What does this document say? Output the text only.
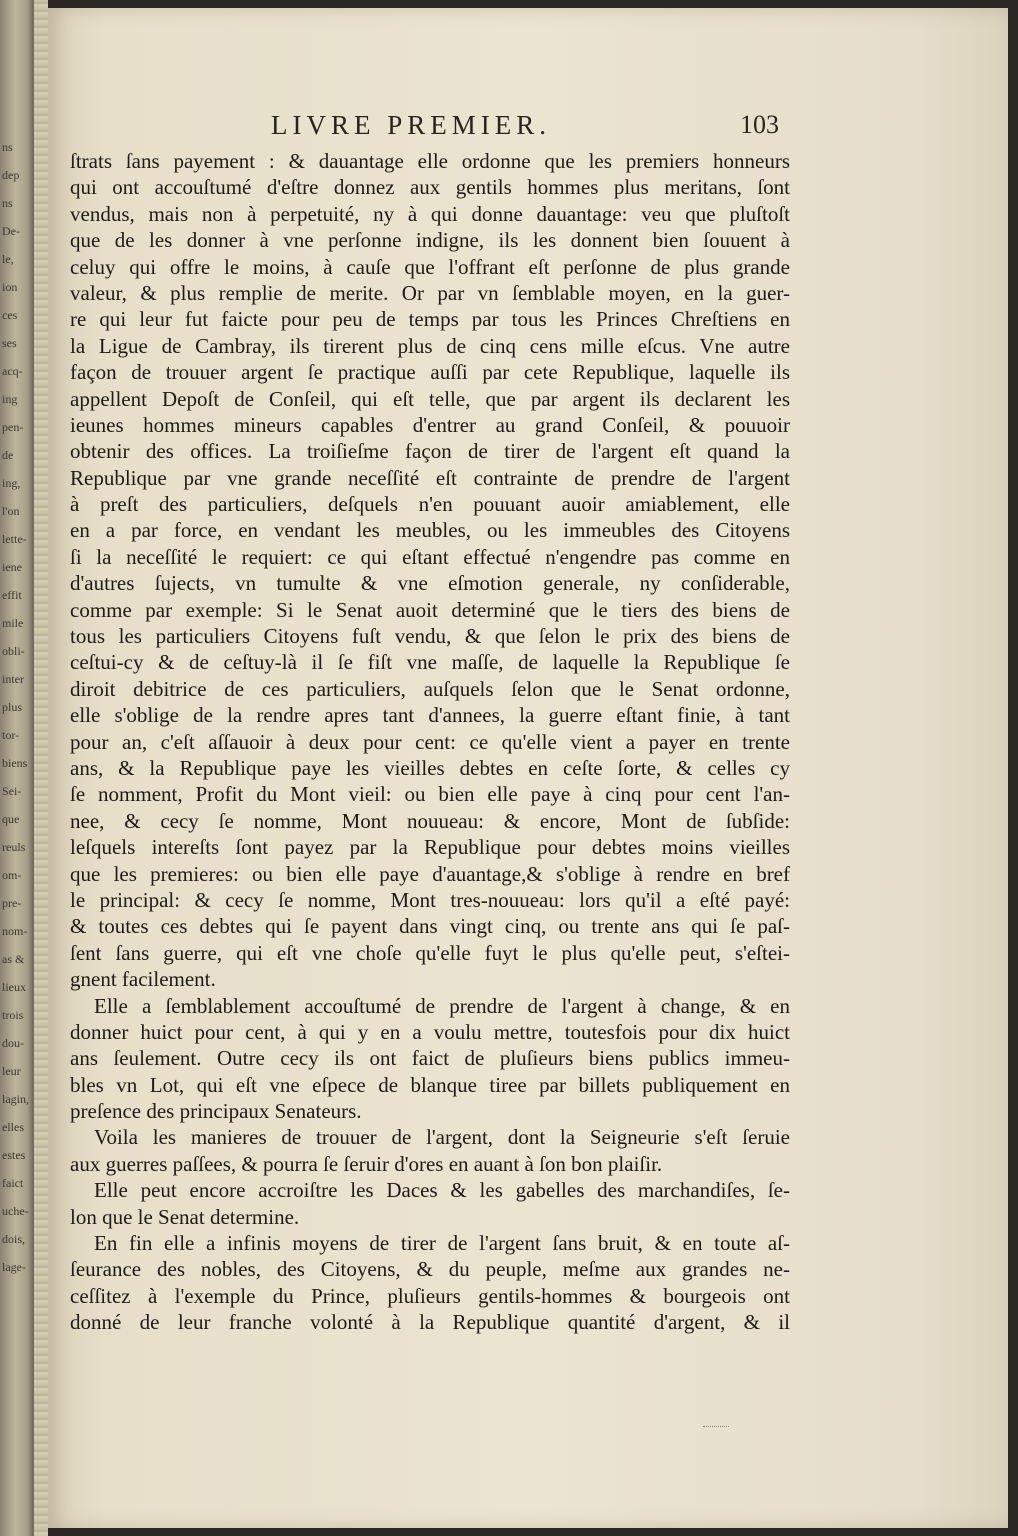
ns
dep
ns
De-
le,
ion
ces
ses
acq-
ing
pen-
de
ing,
l'on
lette-
iene
effit
mile
obli-
inter
plus
tor-
biens
Sei-
que
reuls
om-
pre-
nom-
as &
lieux
trois
dou-
leur
lagin,
elles
estes
faict
uche-
dois,
lage-
LIVRE PREMIER.	103
ſtrats ſans payement : & dauantage elle ordonne que les premiers honneurs
qui ont accouſtumé d'eſtre donnez aux gentils hommes plus meritans, ſont
vendus, mais non à perpetuité, ny à qui donne dauantage: veu que pluſtoſt
que de les donner à vne perſonne indigne, ils les donnent bien ſouuent à
celuy qui offre le moins, à cauſe que l'offrant eſt perſonne de plus grande
valeur, & plus remplie de merite. Or par vn ſemblable moyen, en la guer-
re qui leur fut faicte pour peu de temps par tous les Princes Chreſtiens en
la Ligue de Cambray, ils tirerent plus de cinq cens mille eſcus. Vne autre
façon de trouuer argent ſe practique auſſi par cete Republique, laquelle ils
appellent Depoſt de Conſeil, qui eſt telle, que par argent ils declarent les
ieunes hommes mineurs capables d'entrer au grand Conſeil, & pouuoir
obtenir des offices. La troiſieſme façon de tirer de l'argent eſt quand la
Republique par vne grande neceſſité eſt contrainte de prendre de l'argent
à preſt des particuliers, deſquels n'en pouuant auoir amiablement, elle
en a par force, en vendant les meubles, ou les immeubles des Citoyens
ſi la neceſſité le requiert: ce qui eſtant effectué n'engendre pas comme en
d'autres ſujects, vn tumulte & vne eſmotion generale, ny conſiderable,
comme par exemple: Si le Senat auoit determiné que le tiers des biens de
tous les particuliers Citoyens fuſt vendu, & que ſelon le prix des biens de
ceſtui-cy & de ceſtuy-là il ſe fiſt vne maſſe, de laquelle la Republique ſe
diroit debitrice de ces particuliers, auſquels ſelon que le Senat ordonne,
elle s'oblige de la rendre apres tant d'annees, la guerre eſtant finie, à tant
pour an, c'eſt aſſauoir à deux pour cent: ce qu'elle vient a payer en trente
ans, & la Republique paye les vieilles debtes en ceſte ſorte, & celles cy
ſe nomment, Profit du Mont vieil: ou bien elle paye à cinq pour cent l'an-
nee, & cecy ſe nomme, Mont nouueau: & encore, Mont de ſubſide:
leſquels intereſts ſont payez par la Republique pour debtes moins vieilles
que les premieres: ou bien elle paye d'auantage,& s'oblige à rendre en bref
le principal: & cecy ſe nomme, Mont tres-nouueau: lors qu'il a eſté payé:
& toutes ces debtes qui ſe payent dans vingt cinq, ou trente ans qui ſe paſ-
ſent ſans guerre, qui eſt vne choſe qu'elle fuyt le plus qu'elle peut, s'eſtei-
gnent facilement.
Elle a ſemblablement accouſtumé de prendre de l'argent à change, & en
donner huict pour cent, à qui y en a voulu mettre, toutesfois pour dix huict
ans ſeulement. Outre cecy ils ont faict de pluſieurs biens publics immeu-
bles vn Lot, qui eſt vne eſpece de blanque tiree par billets publiquement en
preſence des principaux Senateurs.
Voila les manieres de trouuer de l'argent, dont la Seigneurie s'eſt ſeruie
aux guerres paſſees, & pourra ſe ſeruir d'ores en auant à ſon bon plaiſir.
Elle peut encore accroiſtre les Daces & les gabelles des marchandiſes, ſe-
lon que le Senat determine.
En fin elle a infinis moyens de tirer de l'argent ſans bruit, & en toute aſ-
ſeurance des nobles, des Citoyens, & du peuple, meſme aux grandes ne-
ceſſitez à l'exemple du Prince, pluſieurs gentils-hommes & bourgeois ont
donné de leur franche volonté à la Republique quantité d'argent, & il
